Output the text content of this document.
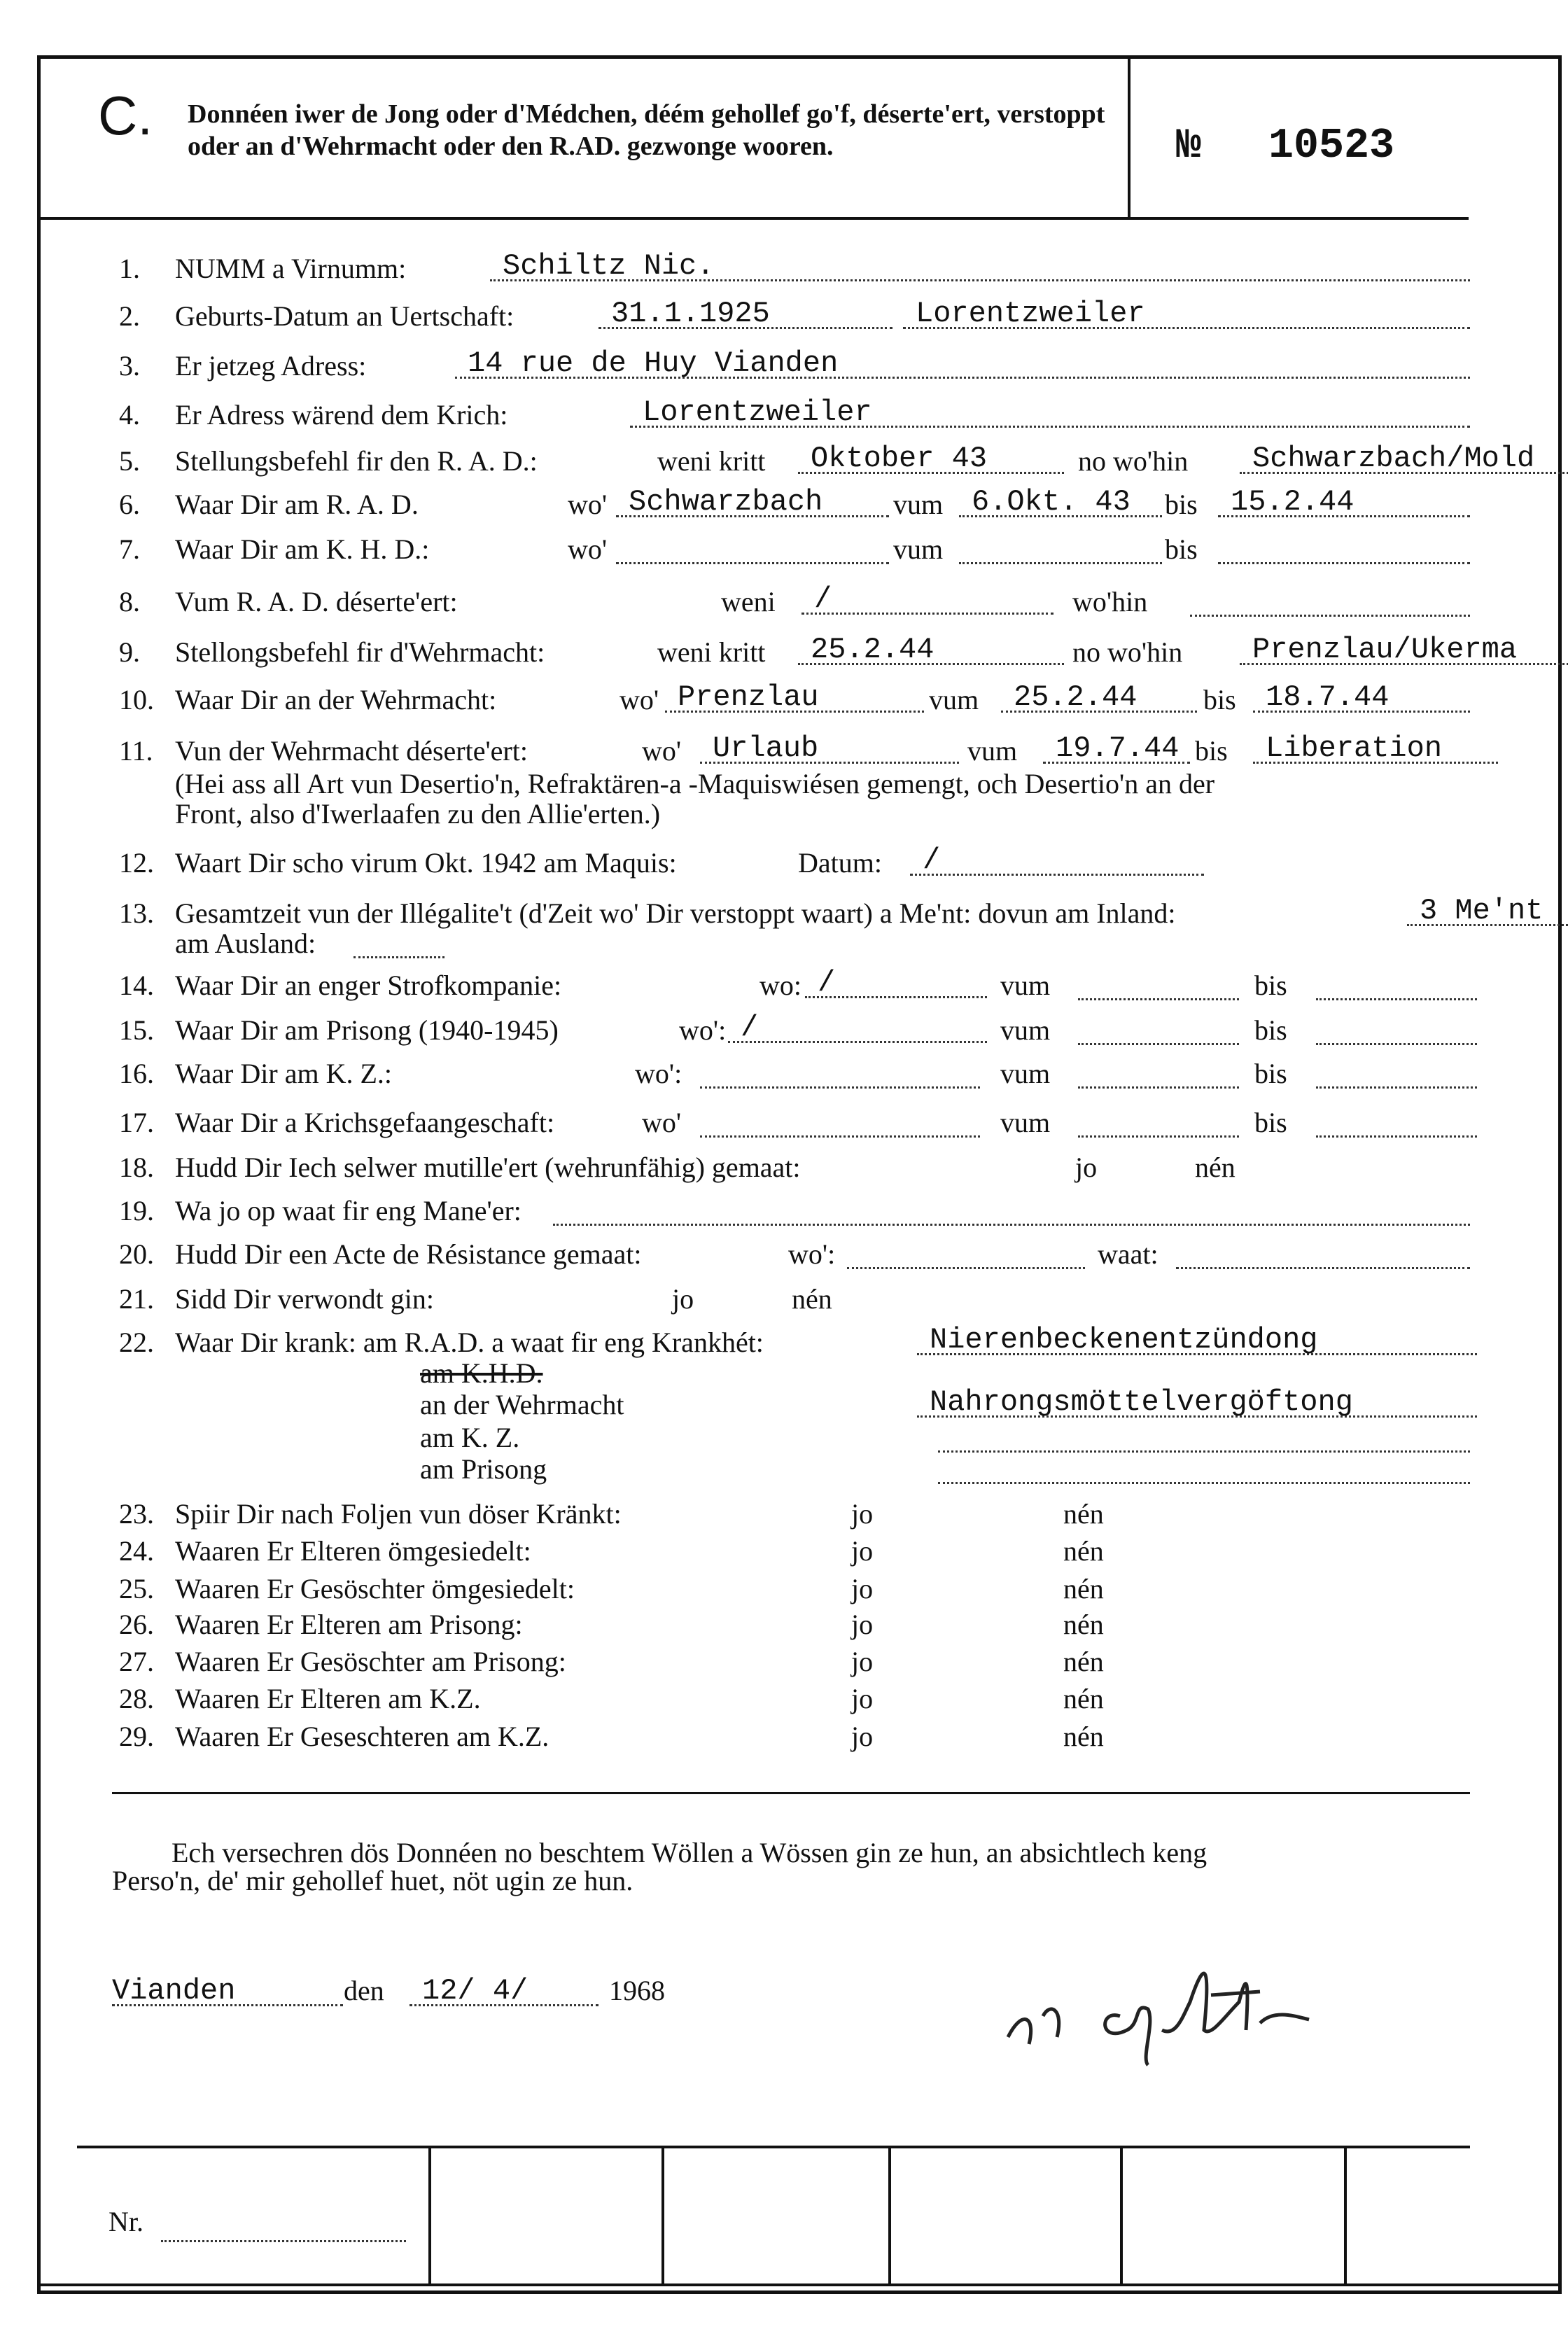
C. Donnéen iwer de Jong oder d'Médchen, déém gehollef go'f, déserte'ert, verstoppt oder an d'Wehrmacht oder den R.AD. gezwonge wooren.	№ 10523
1. NUMM a Virnumm:	Schiltz Nic.
2. Geburts-Datum an Uertschaft:	31.1.1925	Lorentzweiler
3. Er jetzeg Adress:	14 rue de Huy Vianden
4. Er Adress wärend dem Krich:	Lorentzweiler
5. Stellungsbefehl fir den R. A. D.:	weni kritt	Oktober 43	no wo'hin	Schwarzbach/Mold
6. Waar Dir am R. A. D.	wo' Schwarzbach	vum 6.Okt. 43	bis	15.2.44
7. Waar Dir am K. H. D.:	wo'	vum	bis
8. Vum R. A. D. déserte'ert:	weni	/	wo'hin
9. Stellongsbefehl fir d'Wehrmacht:	weni kritt	25.2.44	no wo'hin	Prenzlau/Ukerma
10. Waar Dir an der Wehrmacht:	wo' Prenzlau	vum	25.2.44	bis	18.7.44
11. Vun der Wehrmacht déserte'ert:	wo'	Urlaub	vum	19.7.44 bis	Liberation
(Hei ass all Art vun Desertio'n, Refraktären-a -Maquiswiésen gemengt, och Desertio'n an der
Front, also d'Iwerlaafen zu den Allie'erten.)
12. Waart Dir scho virum Okt. 1942 am Maquis:	Datum:	/
13. Gesamtzeit vun der Illégalite't (d'Zeit wo' Dir verstoppt waart) a Me'nt: dovun am Inland:	3 Me'nt
am Ausland:
14. Waar Dir an enger Strofkompanie:	wo: /	vum	bis
15. Waar Dir am Prisong (1940-1945)	wo': /	vum	bis
16. Waar Dir am K. Z.:	wo':	vum	bis
17. Waar Dir a Krichsgefaangeschaft:	wo'	vum	bis
18. Hudd Dir Iech selwer mutille'ert (wehrunfähig) gemaat:	jo	nén
19. Wa jo op waat fir eng Mane'er:
20. Hudd Dir een Acte de Résistance gemaat:	wo':	waat:
21. Sidd Dir verwondt gin:	jo	nén
22. Waar Dir krank: am R.A.D. a waat fir eng Krankhét:	Nierenbeckenentzündong
am K.H.D.
an der Wehrmacht	Nahrongsmöttelvergöftong
am K. Z.
am Prisong
23. Spiir Dir nach Foljen vun döser Kränkt:	jo	nén
24. Waaren Er Elteren ömgesiedelt:	jo	nén
25. Waaren Er Gesöschter ömgesiedelt:	jo	nén
26. Waaren Er Elteren am Prisong:	jo	nén
27. Waaren Er Gesöschter am Prisong:	jo	nén
28. Waaren Er Elteren am K.Z.	jo	nén
29. Waaren Er Geseschteren am K.Z.	jo	nén
Ech versechren dös Donnéen no beschtem Wöllen a Wössen gin ze hun, an absichtlech keng
Perso'n, de' mir gehollef huet, nöt ugin ze hun.
Vianden	den	12/ 4/	1968
Nr.
